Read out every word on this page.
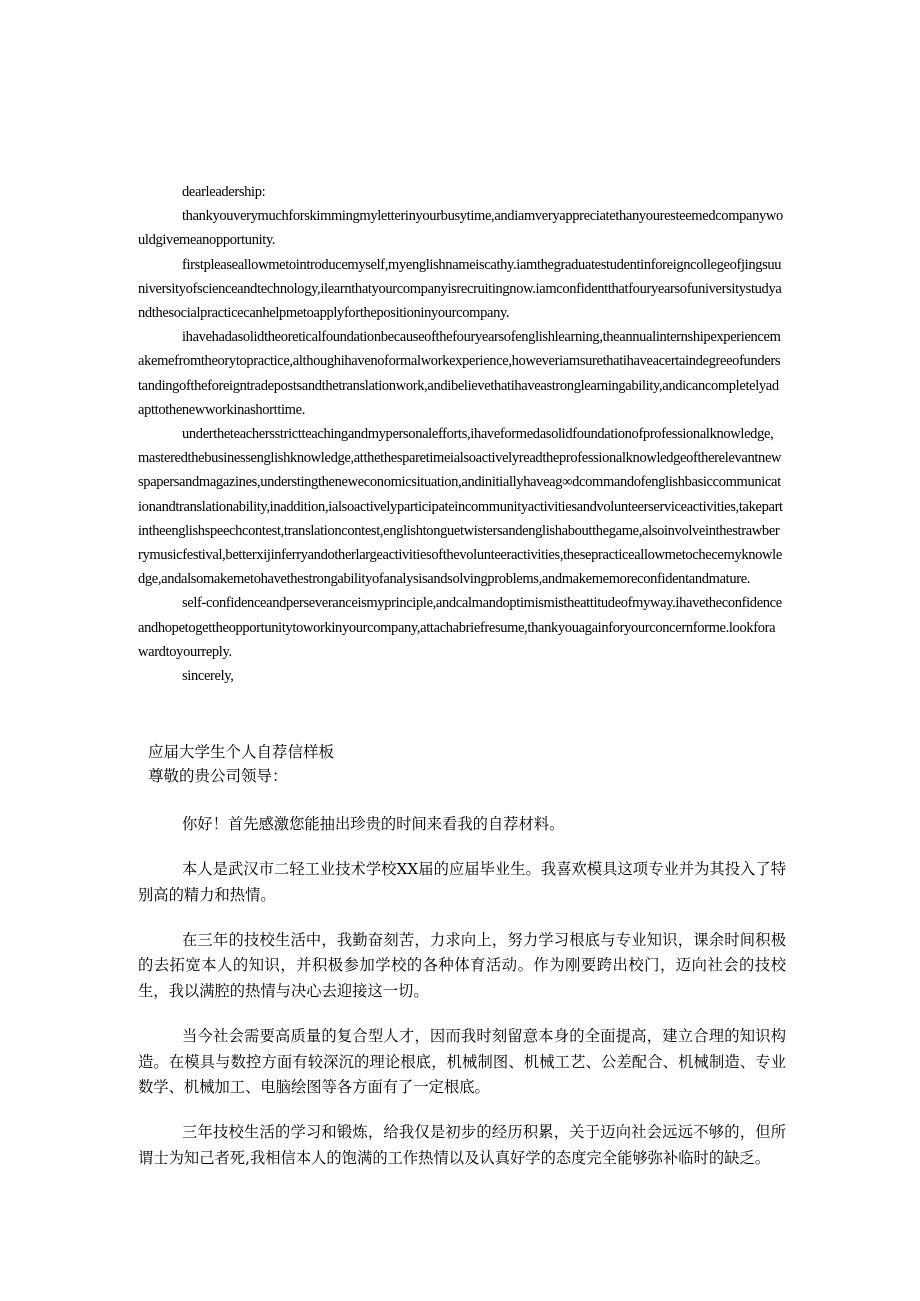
dearleadership:

thankyouverymuchforskimmingmyletterinyourbusytime,andiamveryappreciatethanyouresteemedcompanywouldgivemeanopportunity.

firstpleaseallowmetointroducemyself,myenglishnameiscathy.iamthegraduatestudentinforeigncollegeofjingsuuniversityofscienceandtechnology,ilearnthatyourcompanyisrecruitingnow.iamconfidentthatfouryearsofuniversitystudyandthesocialpracticecanhelpmetoapplyforthepositioninyourcompany.

ihavehadasolidtheoreticalfoundationbecauseofthefouryearsofenglishlearning,theannualinternshipexperiencemakemefromtheorytopractice,althoughihavenoformalworkexperience,howeveriamsurethatihaveacertaindegreeofunderstandingoftheforeigntradepostsandthetranslationwork,andibelievethatihaveastronglearningability,andicancompletelyadapttothenewworkinashorttime.

undertheteachersstrictteachingandmypersonalefforts,ihaveformedasolidfoundationofprofessionalknowledge,masteredthebusinessenglishknowledge,atthethesparetimeialsoactivelyreadtheprofessionalknowledgeoftherelevantnewspapersandmagazines,understingtheneweconomicsituation,andinitiallyhaveag∞dcommandofenglishbasiccommunicationandtranslationability,inaddition,ialsoactivelyparticipateincommunityactivitiesandvolunteerserviceactivities,takepartintheenglishspeechcontest,translationcontest,englishtonguetwistersandenglishaboutthegame,alsoinvolveinthestrawberrymusicfestival,betterxijinferryandotherlargeactivitiesofthevolunteeractivities,thesepracticeallowmetochecemyknowledge,andalsomakemetohavethestrongabilityofanalysisandsolvingproblems,andmakememoreconfidentandmature.

self-confidenceandperseveranceismyprinciple,andcalmandoptimismistheattitudeofmyway.ihavetheconfidenceandhopetogettheopportunitytoworkinyourcompany,attachabriefresume,thankyouagainforyourconcernforme.lookforawardtoyourreply.

sincerely,

应届大学生个人自荐信样板
尊敬的贵公司领导：

你好！首先感激您能抽出珍贵的时间来看我的自荐材料。

本人是武汉市二轻工业技术学校XX届的应届毕业生。我喜欢模具这项专业并为其投入了特别高的精力和热情。

在三年的技校生活中，我勤奋刻苦，力求向上，努力学习根底与专业知识，课余时间积极的去拓宽本人的知识，并积极参加学校的各种体育活动。作为刚要跨出校门，迈向社会的技校生，我以满腔的热情与决心去迎接这一切。

当今社会需要高质量的复合型人才，因而我时刻留意本身的全面提高，建立合理的知识构造。在模具与数控方面有较深沉的理论根底，机械制图、机械工艺、公差配合、机械制造、专业数学、机械加工、电脑绘图等各方面有了一定根底。

三年技校生活的学习和锻炼，给我仅是初步的经历积累，关于迈向社会远远不够的，但所谓士为知己者死,我相信本人的饱满的工作热情以及认真好学的态度完全能够弥补临时的缺乏。
